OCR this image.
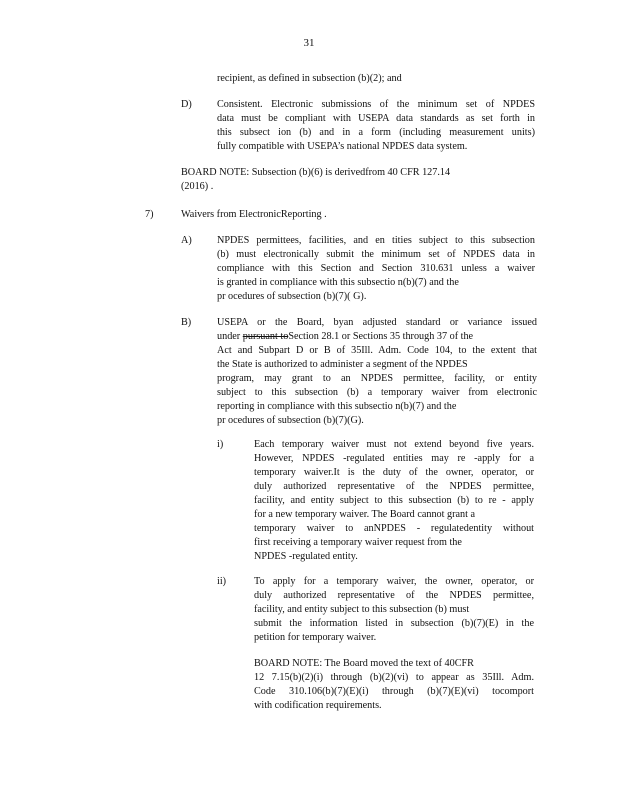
31
recipient, as defined in subsection (b)(2); and
D) Consistent. Electronic submissions of the minimum set of NPDES
data must be compliant with USEPA data standards as set forth in
this subsect ion (b) and in a form (including measurement units)
fully compatible with USEPA’s national NPDES data system.
BOARD NOTE: Subsection (b)(6) is derivedfrom 40 CFR 127.14
(2016) .
7)	Waivers from ElectronicReporting .
A) NPDES permittees, facilities, and en tities subject to this subsection
(b) must electronically submit the minimum set of NPDES data in
compliance with this Section and Section 310.631 unless a waiver
is granted in compliance with this subsectio n(b)(7) and the
pr ocedures of subsection (b)(7)( G).
B)	USEPA or the Board, byan adjusted standard or variance issued
under pursuant toSection 28.1 or Sections 35 through 37 of the
Act and Subpart D or B of 35Ill. Adm. Code 104, to the extent that
the State is authorized to administer a segment of the NPDES
program, may grant to an NPDES permittee, facility, or entity
subject to this subsection (b) a temporary waiver from electronic
reporting in compliance with this subsectio n(b)(7) and the
pr ocedures of subsection (b)(7)(G).
i)	Each temporary waiver must not extend beyond five years.
However, NPDES -regulated entities may re -apply for a
temporary waiver.It is the duty of the owner, operator, or
duly authorized representative of the NPDES permittee,
facility, and entity subject to this subsection (b) to re - apply
for a new temporary waiver. The Board cannot grant a
temporary waiver to anNPDES - regulatedentity without
first receiving a temporary waiver request from the
NPDES -regulated entity.
ii)	To apply for a temporary waiver, the owner, operator, or
duly authorized representative of the NPDES permittee,
facility, and entity subject to this subsection (b) must
submit the information listed in subsection (b)(7)(E) in the
petition for temporary waiver.
BOARD NOTE: The Board moved the text of 40CFR
12 7.15(b)(2)(i) through (b)(2)(vi) to appear as 35Ill. Adm.
Code 310.106(b)(7)(E)(i) through (b)(7)(E)(vi) tocomport
with codification requirements.
